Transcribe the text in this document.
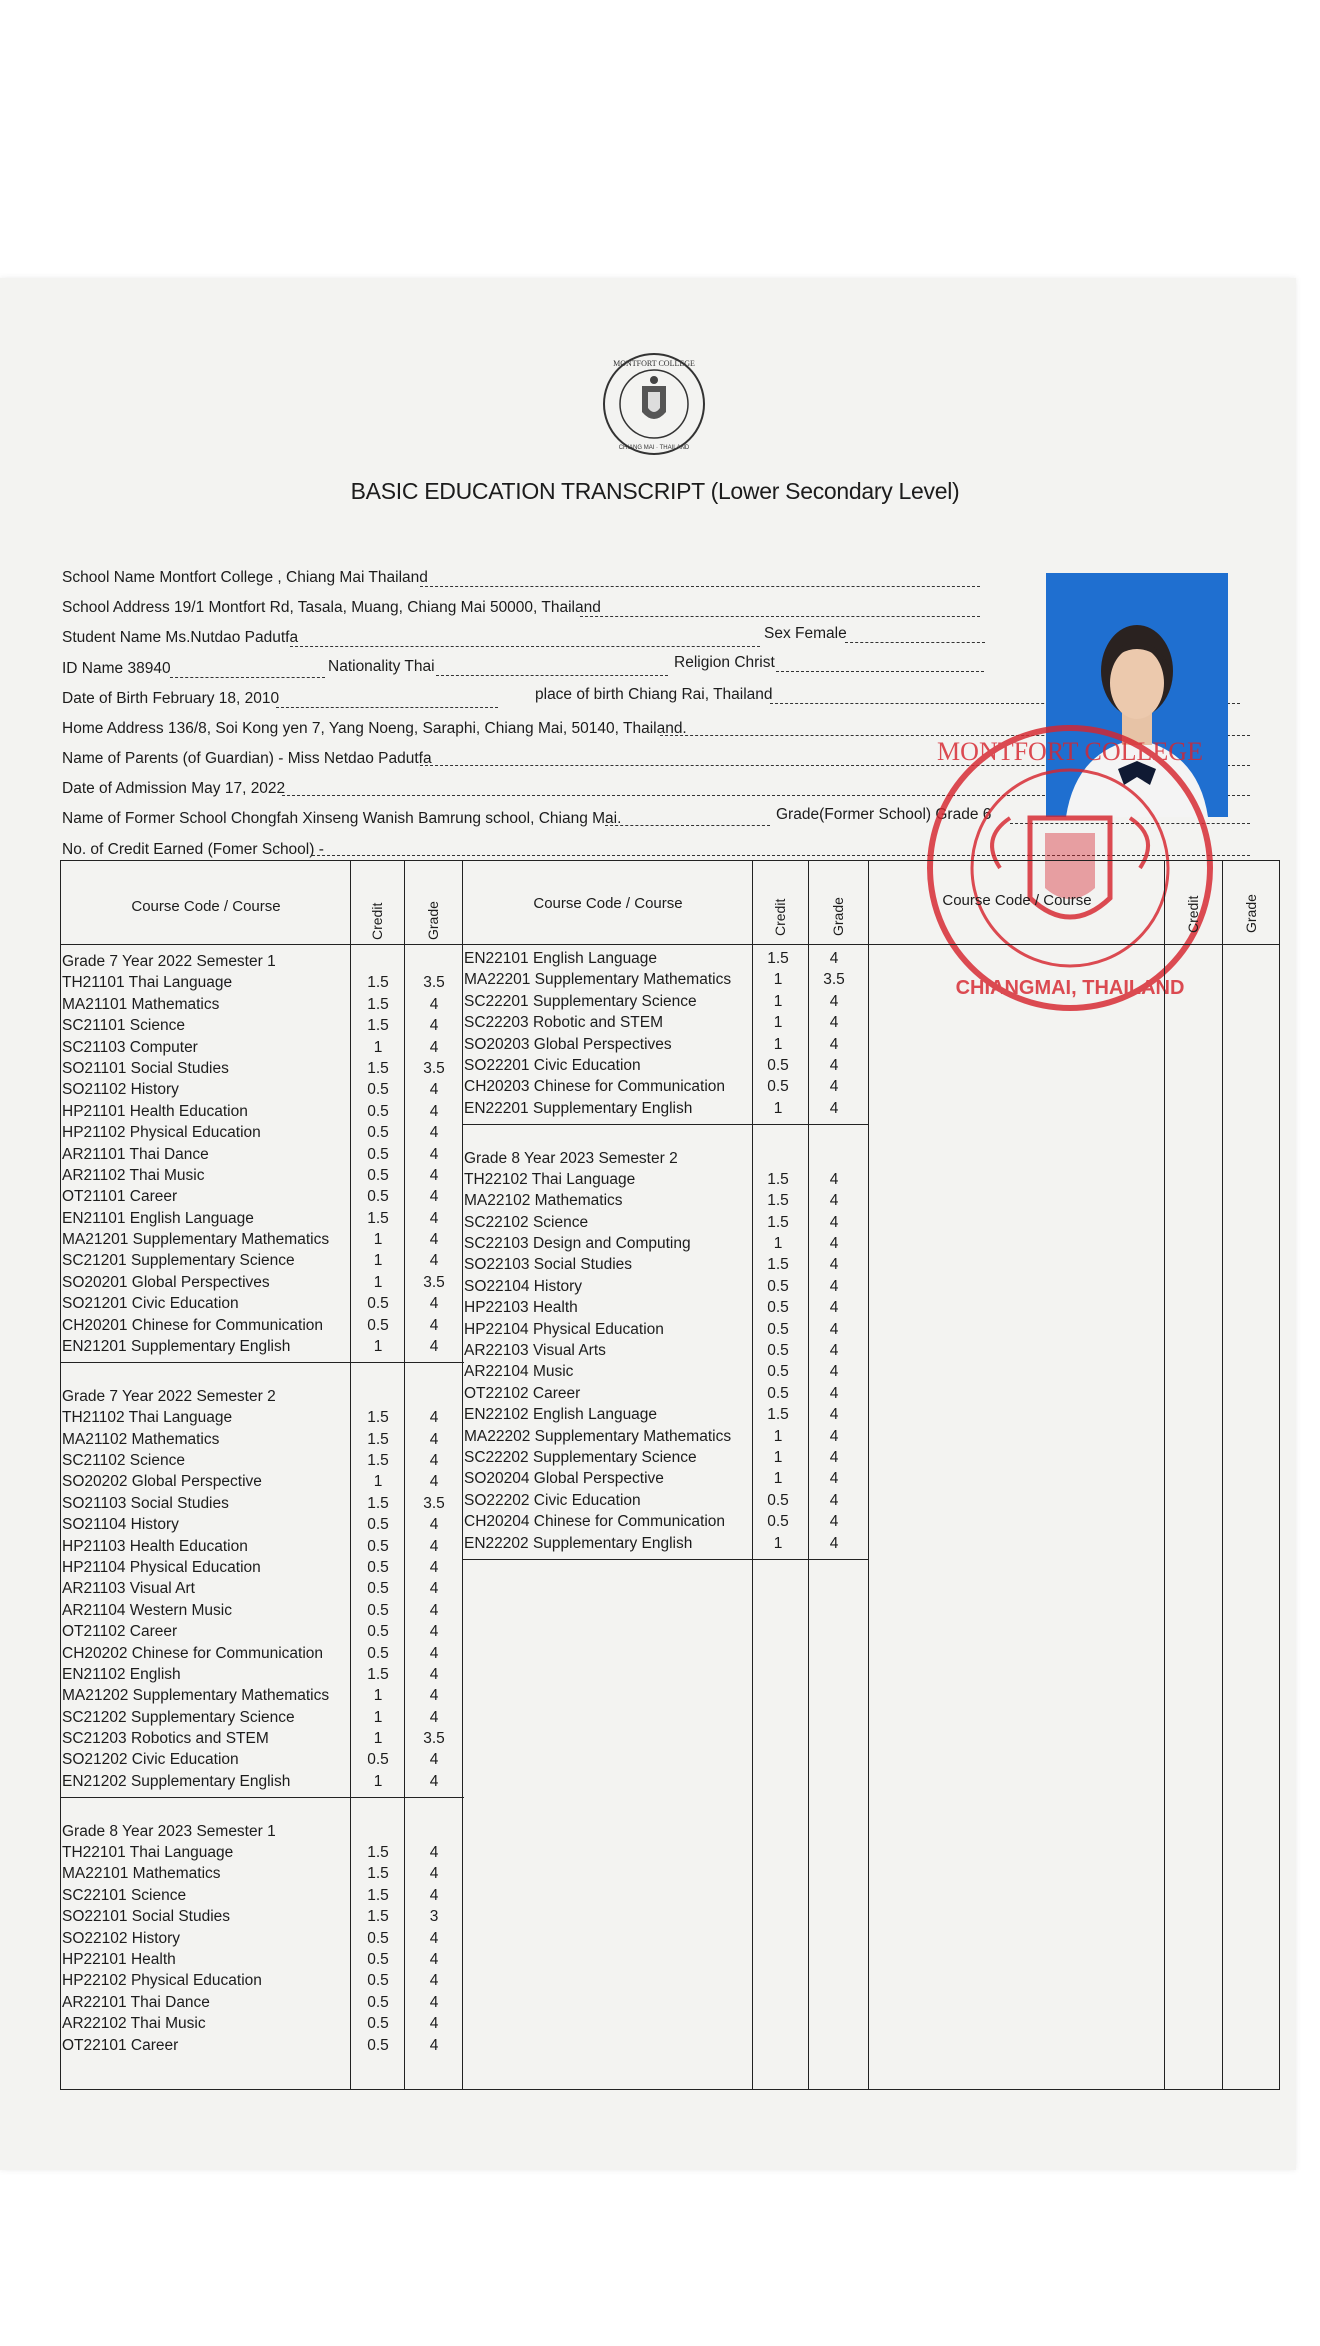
MONTFORT COLLEGE
CHIANG MAI · THAILAND
BASIC EDUCATION TRANSCRIPT (Lower Secondary Level)
School Name Montfort College , Chiang Mai Thailand
School Address 19/1 Montfort Rd, Tasala, Muang, Chiang Mai 50000, Thailand
Student Name Ms.Nutdao Padutfa	Sex Female
ID Name 38940	Nationality Thai	Religion Christ
Date of Birth February 18, 2010	place of birth Chiang Rai, Thailand
Home Address 136/8, Soi Kong yen 7, Yang Noeng, Saraphi, Chiang Mai, 50140, Thailand.
Name of Parents (of Guardian) - Miss Netdao Padutfa
Date of Admission May 17, 2022
Name of Former School Chongfah Xinseng Wanish Bamrung school, Chiang Mai.	Grade(Former School) Grade 6
No. of Credit Earned (Fomer School) -
MONTFORT COLLEGE
CHIANGMAI, THAILAND
Course Code / Course	Credit	Grade	Course Code / Course	Credit	Grade	Course Code / Course	Credit	Grade
Grade 7 Year 2022 Semester 1
TH21101 Thai Language	1.5	3.5
MA21101 Mathematics	1.5	4
SC21101 Science	1.5	4
SC21103 Computer	1	4
SO21101 Social Studies	1.5	3.5
SO21102 History	0.5	4
HP21101 Health Education	0.5	4
HP21102 Physical Education	0.5	4
AR21101 Thai Dance	0.5	4
AR21102 Thai Music	0.5	4
OT21101 Career	0.5	4
EN21101 English Language	1.5	4
MA21201 Supplementary Mathematics	1	4
SC21201 Supplementary Science	1	4
SO20201 Global Perspectives	1	3.5
SO21201 Civic Education	0.5	4
CH20201 Chinese for Communication	0.5	4
EN21201 Supplementary English	1	4
Grade 7 Year 2022 Semester 2
TH21102 Thai Language	1.5	4
MA21102 Mathematics	1.5	4
SC21102 Science	1.5	4
SO20202 Global Perspective	1	4
SO21103 Social Studies	1.5	3.5
SO21104 History	0.5	4
HP21103 Health Education	0.5	4
HP21104 Physical Education	0.5	4
AR21103 Visual Art	0.5	4
AR21104 Western Music	0.5	4
OT21102 Career	0.5	4
CH20202 Chinese for Communication	0.5	4
EN21102 English	1.5	4
MA21202 Supplementary Mathematics	1	4
SC21202 Supplementary Science	1	4
SC21203 Robotics and STEM	1	3.5
SO21202 Civic Education	0.5	4
EN21202 Supplementary English	1	4
Grade 8 Year 2023 Semester 1
TH22101 Thai Language	1.5	4
MA22101 Mathematics	1.5	4
SC22101 Science	1.5	4
SO22101 Social Studies	1.5	3
SO22102 History	0.5	4
HP22101 Health	0.5	4
HP22102 Physical Education	0.5	4
AR22101 Thai Dance	0.5	4
AR22102 Thai Music	0.5	4
OT22101 Career	0.5	4
EN22101 English Language	1.5	4
MA22201 Supplementary Mathematics	1	3.5
SC22201 Supplementary Science	1	4
SC22203 Robotic and STEM	1	4
SO20203 Global Perspectives	1	4
SO22201 Civic Education	0.5	4
CH20203 Chinese for Communication	0.5	4
EN22201 Supplementary English	1	4
Grade 8 Year 2023 Semester 2
TH22102 Thai Language	1.5	4
MA22102 Mathematics	1.5	4
SC22102 Science	1.5	4
SC22103 Design and Computing	1	4
SO22103 Social Studies	1.5	4
SO22104 History	0.5	4
HP22103 Health	0.5	4
HP22104 Physical Education	0.5	4
AR22103 Visual Arts	0.5	4
AR22104 Music	0.5	4
OT22102 Career	0.5	4
EN22102 English Language	1.5	4
MA22202 Supplementary Mathematics	1	4
SC22202 Supplementary Science	1	4
SO20204 Global Perspective	1	4
SO22202 Civic Education	0.5	4
CH20204 Chinese for Communication	0.5	4
EN22202 Supplementary English	1	4
